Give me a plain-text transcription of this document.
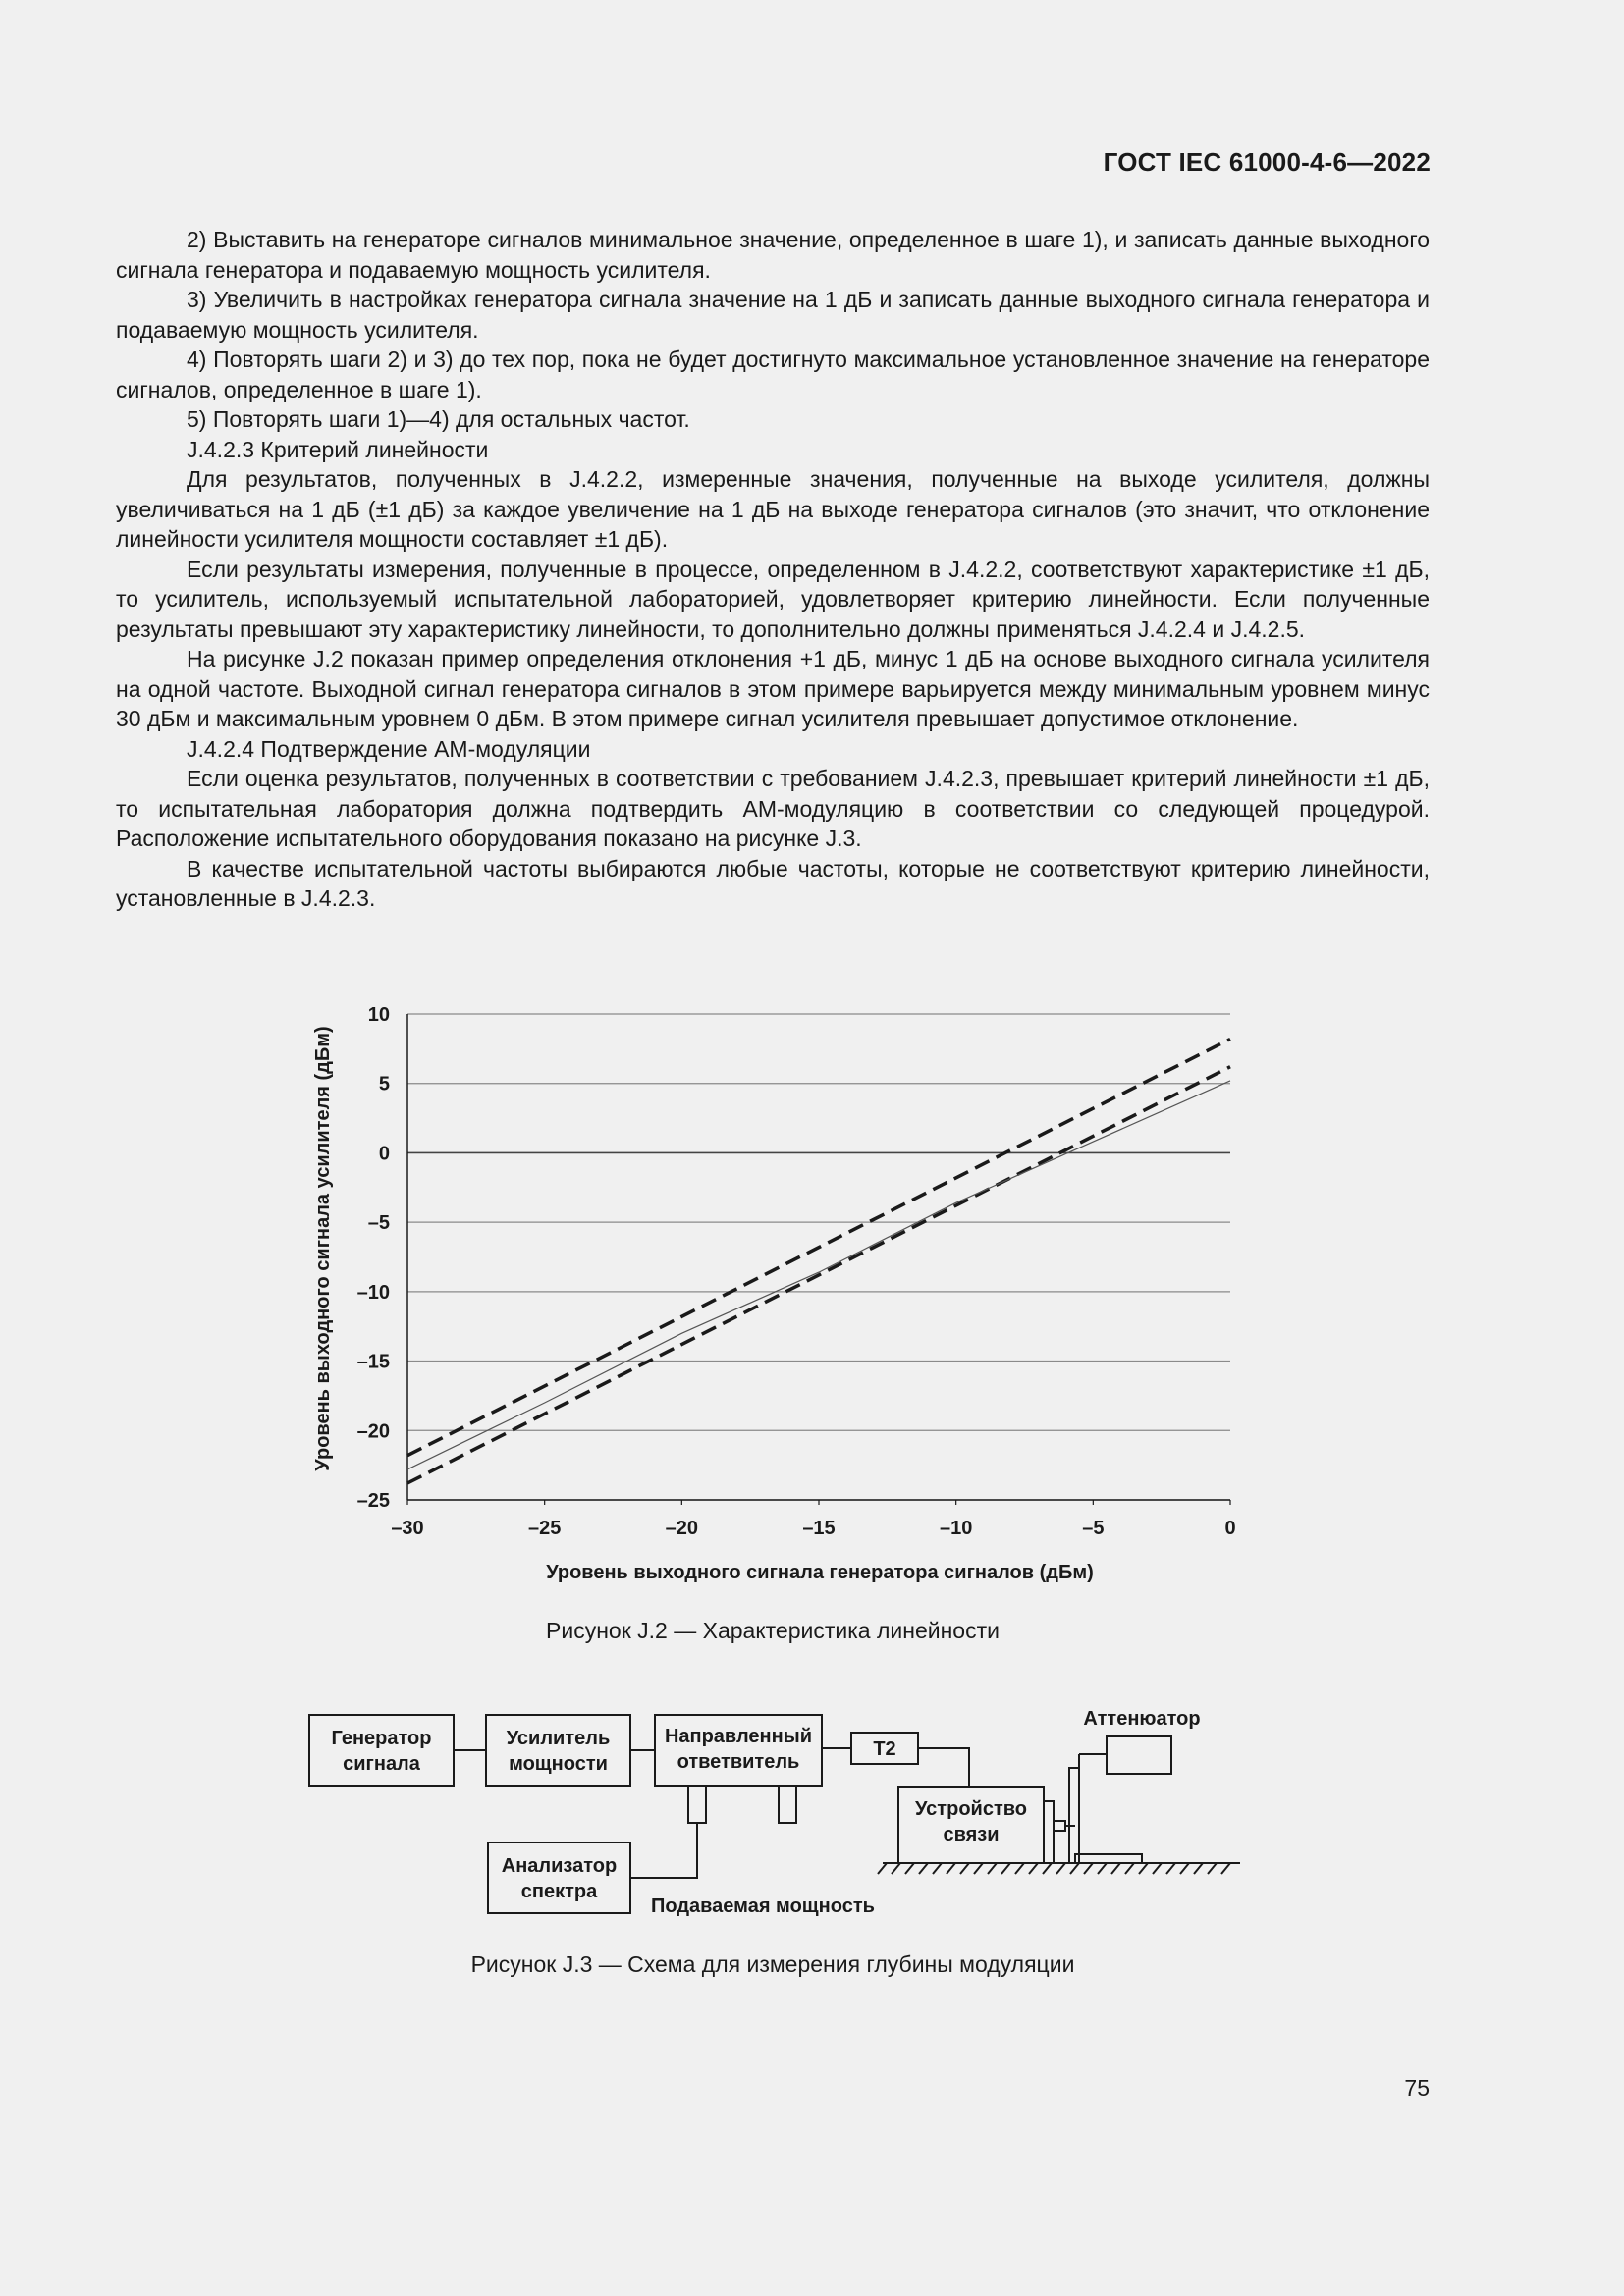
ГОСТ IEC 61000-4-6—2022

2) Выставить на генераторе сигналов минимальное значение, определенное в шаге 1), и записать данные выходного сигнала генератора и подаваемую мощность усилителя.

3) Увеличить в настройках генератора сигнала значение на 1 дБ и записать данные выходного сигнала генератора и подаваемую мощность усилителя.

4) Повторять шаги 2) и 3) до тех пор, пока не будет достигнуто максимальное установленное значение на генераторе сигналов, определенное в шаге 1).

5) Повторять шаги 1)—4) для остальных частот.

J.4.2.3 Критерий линейности

Для результатов, полученных в J.4.2.2, измеренные значения, полученные на выходе усилителя, должны увеличиваться на 1 дБ (±1 дБ) за каждое увеличение на 1 дБ на выходе генератора сигналов (это значит, что отклонение линейности усилителя мощности составляет ±1 дБ).

Если результаты измерения, полученные в процессе, определенном в J.4.2.2, соответствуют характеристике ±1 дБ, то усилитель, используемый испытательной лабораторией, удовлетворяет критерию линейности. Если полученные результаты превышают эту характеристику линейности, то дополнительно должны применяться J.4.2.4 и J.4.2.5.

На рисунке J.2 показан пример определения отклонения +1 дБ, минус 1 дБ на основе выходного сигнала усилителя на одной частоте. Выходной сигнал генератора сигналов в этом примере варьируется между минимальным уровнем минус 30 дБм и максимальным уровнем 0 дБм. В этом примере сигнал усилителя превышает допустимое отклонение.

J.4.2.4 Подтверждение АМ-модуляции

Если оценка результатов, полученных в соответствии с требованием J.4.2.3, превышает критерий линейности ±1 дБ, то испытательная лаборатория должна подтвердить АМ-модуляцию в соответствии со следующей процедурой. Расположение испытательного оборудования показано на рисунке J.3.

В качестве испытательной частоты выбираются любые частоты, которые не соответствуют критерию линейности, установленные в J.4.2.3.

10
5
0
–5
–10
–15
–20
–25
–30	–25	–20	–15	–10	–5	0
Уровень выходного сигнала генератора сигналов (дБм)
Уровень выходного сигнала усилителя (дБм)
Рисунок J.2 — Характеристика линейности
Генератор
сигнала
Усилитель
мощности
Направленный
ответвитель
Т2
Устройство
связи
Аттенюатор
Анализатор
спектра
Подаваемая мощность
Рисунок J.3 — Схема для измерения глубины модуляции
75
